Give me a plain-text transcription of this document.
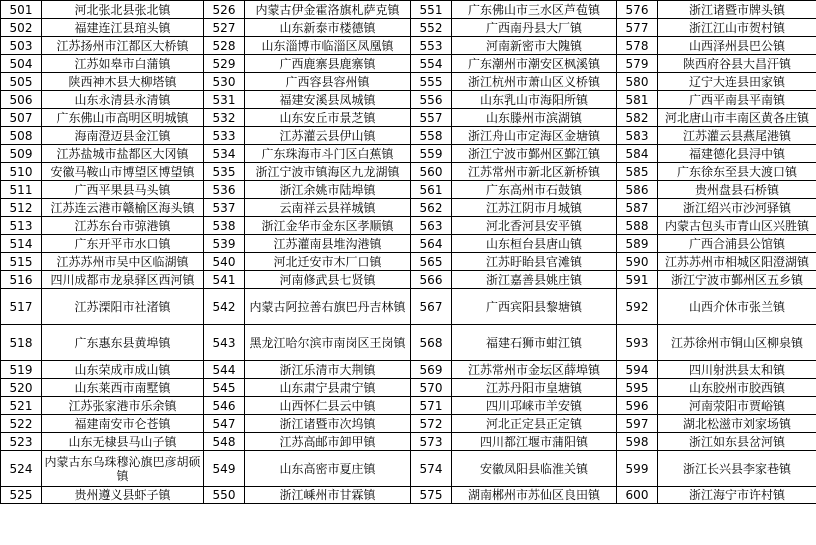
501	河北张北县张北镇	526	内蒙古伊金霍洛旗札萨克镇	551	广东佛山市三水区芦苞镇	576	浙江诸暨市牌头镇
502	福建连江县琯头镇	527	山东新泰市楼德镇	552	广西南丹县大厂镇	577	浙江江山市贺村镇
503	江苏扬州市江都区大桥镇	528	山东淄博市临淄区凤凰镇	553	河南新密市大隗镇	578	山西泽州县巴公镇
504	江苏如皋市白蒲镇	529	广西鹿寨县鹿寨镇	554	广东潮州市潮安区枫溪镇	579	陕西府谷县大昌汗镇
505	陕西神木县大柳塔镇	530	广西容县容州镇	555	浙江杭州市萧山区义桥镇	580	辽宁大连县田家镇
506	山东永清县永清镇	531	福建安溪县凤城镇	556	山东乳山市海阳所镇	581	广西平南县平南镇
507	广东佛山市高明区明城镇	532	山东安丘市景芝镇	557	山东滕州市滨湖镇	582	河北唐山市丰南区黄各庄镇
508	海南澄迈县金江镇	533	江苏灌云县伊山镇	558	浙江舟山市定海区金塘镇	583	江苏灌云县燕尾港镇
509	江苏盐城市盐都区大冈镇	534	广东珠海市斗门区白蕉镇	559	浙江宁波市鄞州区鄞江镇	584	福建德化县浔中镇
510	安徽马鞍山市博望区博望镇	535	浙江宁波市镇海区九龙湖镇	560	江苏常州市新北区新桥镇	585	广东徐东至县大渡口镇
511	广西平果县马头镇	536	浙江余姚市陆埠镇	561	广东高州市石鼓镇	586	贵州盘县石桥镇
512	江苏连云港市赣榆区海头镇	537	云南祥云县祥城镇	562	江苏江阴市月城镇	587	浙江绍兴市沙河驿镇
513	江苏东台市弶港镇	538	浙江金华市金东区孝顺镇	563	河北香河县安平镇	588	内蒙古包头市青山区兴胜镇
514	广东开平市水口镇	539	江苏灌南县堆沟港镇	564	山东桓台县唐山镇	589	广西合浦县公馆镇
515	江苏苏州市吴中区临湖镇	540	河北迁安市木厂口镇	565	江苏盱眙县官滩镇	590	江苏苏州市相城区阳澄湖镇
516	四川成都市龙泉驿区西河镇	541	河南修武县七贤镇	566	浙江嘉善县姚庄镇	591	浙江宁波市鄞州区五乡镇
517	江苏溧阳市社渚镇	542	内蒙古阿拉善右旗巴丹吉林镇	567	广西宾阳县黎塘镇	592	山西介休市张兰镇
518	广东惠东县黄埠镇	543	黑龙江哈尔滨市南岗区王岗镇	568	福建石狮市蚶江镇	593	江苏徐州市铜山区柳泉镇
519	山东荣成市成山镇	544	浙江乐清市大荆镇	569	江苏常州市金坛区薛埠镇	594	四川射洪县太和镇
520	山东莱西市南墅镇	545	山东肃宁县肃宁镇	570	江苏丹阳市皇塘镇	595	山东胶州市胶西镇
521	江苏张家港市乐余镇	546	山西怀仁县云中镇	571	四川邛崃市羊安镇	596	河南荥阳市贾峪镇
522	福建南安市仑苍镇	547	浙江诸暨市次坞镇	572	河北正定县正定镇	597	湖北松滋市刘家场镇
523	山东无棣县马山子镇	548	江苏高邮市卸甲镇	573	四川都江堰市蒲阳镇	598	浙江如东县岔河镇
524	内蒙古东乌珠穆沁旗巴彦胡硕镇	549	山东高密市夏庄镇	574	安徽凤阳县临淮关镇	599	浙江长兴县李家巷镇
525	贵州遵义县虾子镇	550	浙江嵊州市甘霖镇	575	湖南郴州市苏仙区良田镇	600	浙江海宁市许村镇
